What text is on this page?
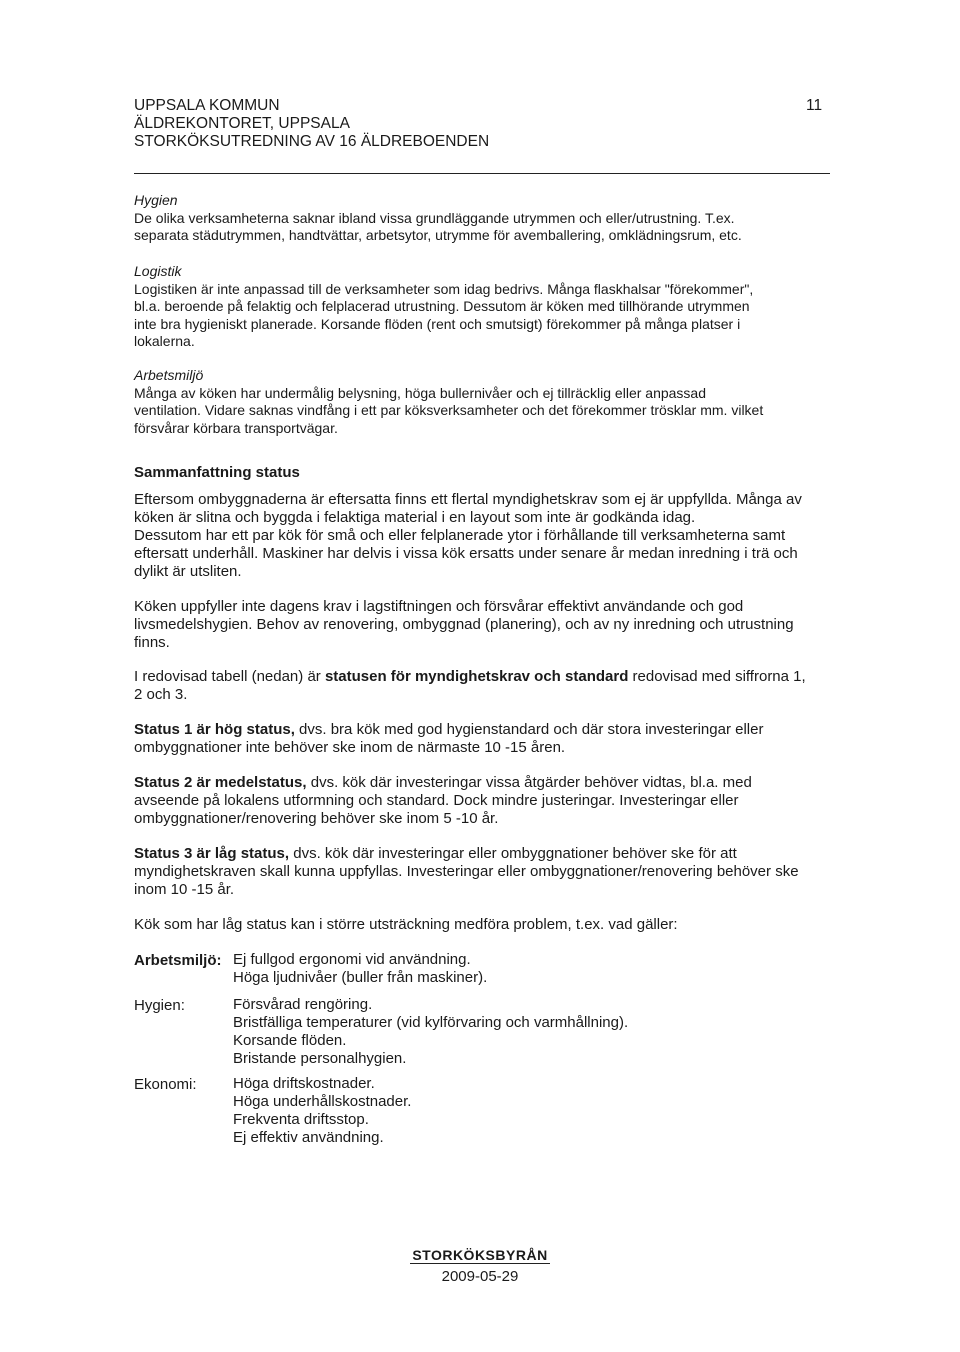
UPPSALA KOMMUN
ÄLDREKONTORET, UPPSALA
STORKÖKSUTREDNING AV 16 ÄLDREBOENDEN
11
Hygien
De olika verksamheterna saknar ibland vissa grundläggande utrymmen och eller/utrustning. T.ex.
separata städutrymmen, handtvättar, arbetsytor, utrymme för avemballering, omklädningsrum, etc.
Logistik
Logistiken är inte anpassad till de verksamheter som idag bedrivs. Många flaskhalsar "förekommer",
bl.a. beroende på felaktig och felplacerad utrustning. Dessutom är köken med tillhörande utrymmen
inte bra hygieniskt planerade. Korsande flöden (rent och smutsigt) förekommer på många platser i
lokalerna.
Arbetsmiljö
Många av köken har undermålig belysning, höga bullernivåer och ej tillräcklig eller anpassad
ventilation. Vidare saknas vindfång i ett par köksverksamheter och det förekommer trösklar mm. vilket
försvårar körbara transportvägar.
Sammanfattning status
Eftersom ombyggnaderna är eftersatta finns ett flertal myndighetskrav som ej är uppfyllda. Många av
köken är slitna och byggda i felaktiga material i en layout som inte är godkända idag.
Dessutom har ett par kök för små och eller felplanerade ytor i förhållande till verksamheterna samt
eftersatt underhåll. Maskiner har delvis i vissa kök ersatts under senare år medan inredning i trä och
dylikt är utsliten.
Köken uppfyller inte dagens krav i lagstiftningen och försvårar effektivt användande och god
livsmedelshygien. Behov av renovering, ombyggnad (planering), och av ny inredning och utrustning
finns.
I redovisad tabell (nedan) är statusen för myndighetskrav och standard redovisad med siffrorna 1,
2 och 3.
Status 1 är hög status, dvs. bra kök med god hygienstandard och där stora investeringar eller
ombyggnationer inte behöver ske inom de närmaste 10 -15 åren.
Status 2 är medelstatus, dvs. kök där investeringar vissa åtgärder behöver vidtas, bl.a. med
avseende på lokalens utformning och standard. Dock mindre justeringar. Investeringar eller
ombyggnationer/renovering behöver ske inom 5 -10 år.
Status 3 är låg status, dvs. kök där investeringar eller ombyggnationer behöver ske för att
myndighetskraven skall kunna uppfyllas. Investeringar eller ombyggnationer/renovering behöver ske
inom 10 -15 år.
Kök som har låg status kan i större utsträckning medföra problem, t.ex. vad gäller:
Arbetsmiljö: Ej fullgod ergonomi vid användning.
Höga ljudnivåer (buller från maskiner).
Hygien:	Försvårad rengöring.
Bristfälliga temperaturer (vid kylförvaring och varmhållning).
Korsande flöden.
Bristande personalhygien.
Ekonomi: Höga driftskostnader.
Höga underhållskostnader.
Frekventa driftsstop.
Ej effektiv användning.
STORKÖKSBYRÅN
2009-05-29
